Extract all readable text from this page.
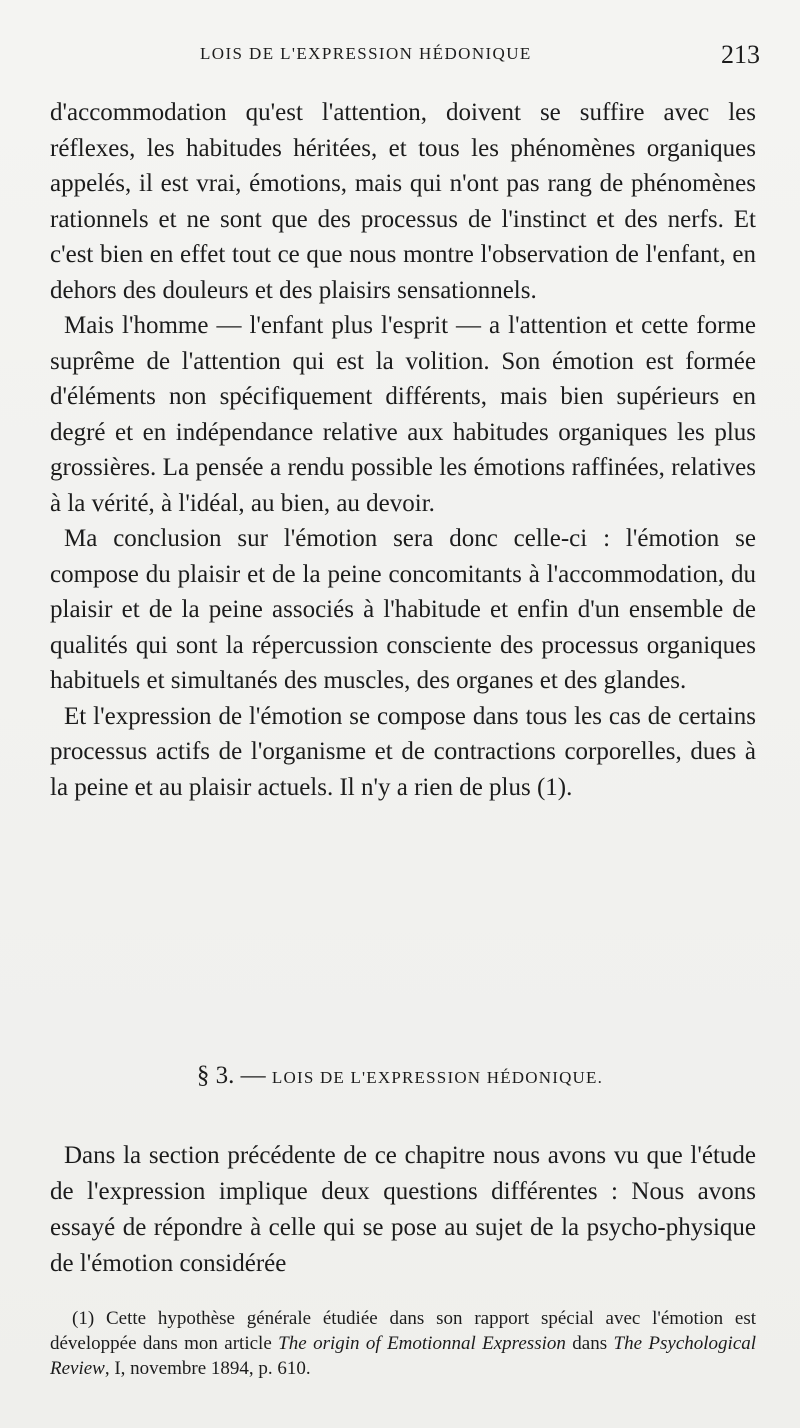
LOIS DE L'EXPRESSION HÉDONIQUE	213

d'accommodation qu'est l'attention, doivent se suffire avec les réflexes, les habitudes héritées, et tous les phénomènes organiques appelés, il est vrai, émotions, mais qui n'ont pas rang de phénomènes rationnels et ne sont que des processus de l'instinct et des nerfs. Et c'est bien en effet tout ce que nous montre l'observation de l'enfant, en dehors des douleurs et des plaisirs sensationnels.

Mais l'homme — l'enfant plus l'esprit — a l'attention et cette forme suprême de l'attention qui est la volition. Son émotion est formée d'éléments non spécifiquement différents, mais bien supérieurs en degré et en indépendance relative aux habitudes organiques les plus grossières. La pensée a rendu possible les émotions raffinées, relatives à la vérité, à l'idéal, au bien, au devoir.

Ma conclusion sur l'émotion sera donc celle-ci : l'émotion se compose du plaisir et de la peine concomitants à l'accommodation, du plaisir et de la peine associés à l'habitude et enfin d'un ensemble de qualités qui sont la répercussion consciente des processus organiques habituels et simultanés des muscles, des organes et des glandes.

Et l'expression de l'émotion se compose dans tous les cas de certains processus actifs de l'organisme et de contractions corporelles, dues à la peine et au plaisir actuels. Il n'y a rien de plus (1).

§ 3. — LOIS DE L'EXPRESSION HÉDONIQUE.

Dans la section précédente de ce chapitre nous avons vu que l'étude de l'expression implique deux questions différentes : Nous avons essayé de répondre à celle qui se pose au sujet de la psycho-physique de l'émotion considérée

(1) Cette hypothèse générale étudiée dans son rapport spécial avec l'émotion est développée dans mon article The origin of Emotionnal Expression dans The Psychological Review, I, novembre 1894, p. 610.
